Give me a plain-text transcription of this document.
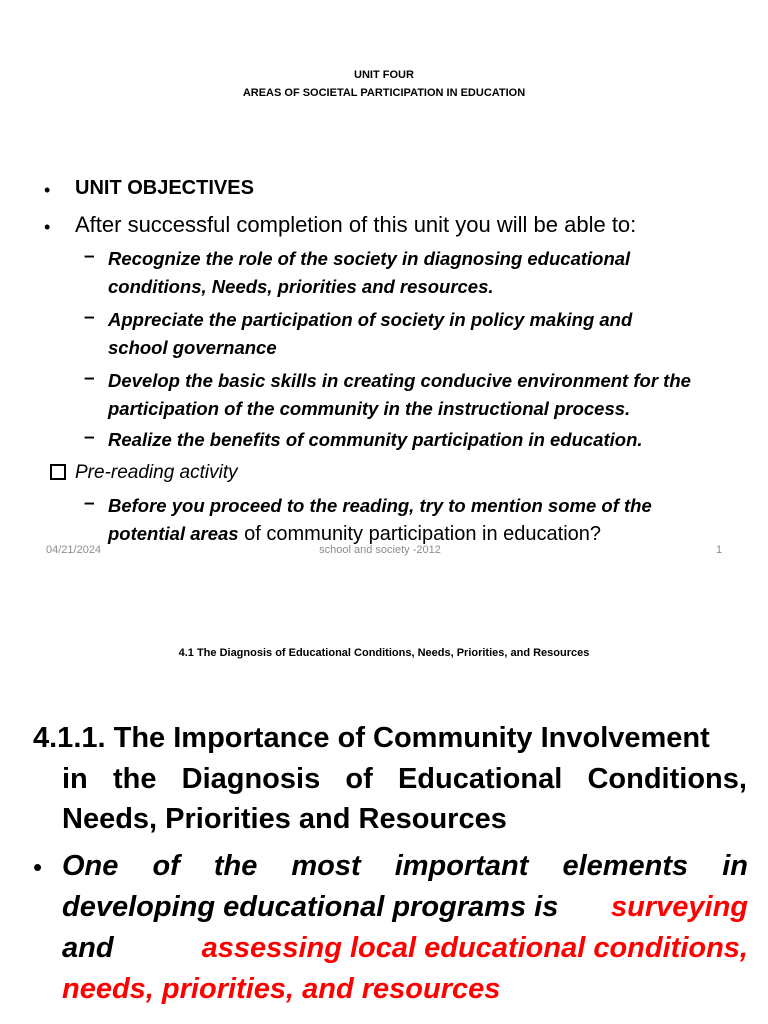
UNIT FOUR
AREAS OF SOCIETAL PARTICIPATION IN EDUCATION
• UNIT OBJECTIVES
• After successful completion of this unit you will be able to:
– Recognize the role of the society in diagnosing educational
conditions, Needs, priorities and resources.
– Appreciate the participation of society in policy making and
school governance
– Develop the basic skills in creating conducive environment for the
participation of the community in the instructional process.
– Realize the benefits of community participation in education.
Pre-reading activity
– Before you proceed to the reading, try to mention some of the
potential areas of community participation in education?
04/21/2024	school and society -2012	1
4.1 The Diagnosis of Educational Conditions, Needs, Priorities, and Resources
4.1.1. The Importance of Community Involvement
in the Diagnosis of Educational Conditions,
Needs, Priorities and Resources
• One of the most important elements in
developing educational programs is surveying
and	assessing local educational conditions,
needs, priorities, and resources
